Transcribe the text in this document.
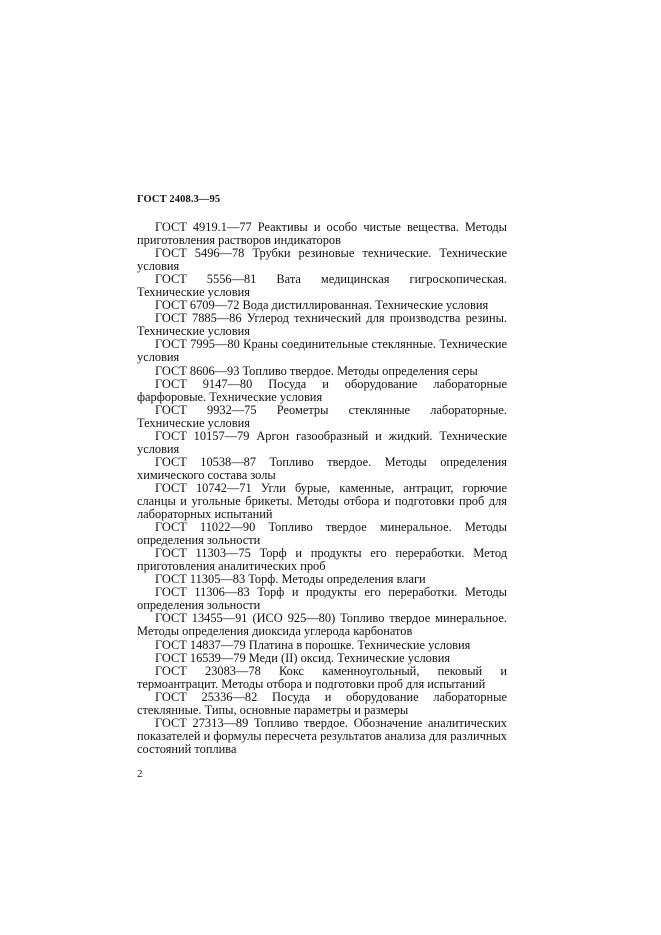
ГОСТ 2408.3—95

ГОСТ 4919.1—77 Реактивы и особо чистые вещества. Методы приготовления растворов индикаторов

ГОСТ 5496—78 Трубки резиновые технические. Технические условия

ГОСТ 5556—81 Вата медицинская гигроскопическая. Технические условия

ГОСТ 6709—72 Вода дистиллированная. Технические условия

ГОСТ 7885—86 Углерод технический для производства резины. Технические условия

ГОСТ 7995—80 Краны соединительные стеклянные. Технические условия

ГОСТ 8606—93 Топливо твердое. Методы определения серы

ГОСТ 9147—80 Посуда и оборудование лабораторные фарфоровые. Технические условия

ГОСТ 9932—75 Реометры стеклянные лабораторные. Технические условия

ГОСТ 10157—79 Аргон газообразный и жидкий. Технические условия

ГОСТ 10538—87 Топливо твердое. Методы определения химического состава золы

ГОСТ 10742—71 Угли бурые, каменные, антрацит, горючие сланцы и угольные брикеты. Методы отбора и подготовки проб для лабораторных испытаний

ГОСТ 11022—90 Топливо твердое минеральное. Методы определения зольности

ГОСТ 11303—75 Торф и продукты его переработки. Метод приготовления аналитических проб

ГОСТ 11305—83 Торф. Методы определения влаги

ГОСТ 11306—83 Торф и продукты его переработки. Методы определения зольности

ГОСТ 13455—91 (ИСО 925—80) Топливо твердое минеральное. Методы определения диоксида углерода карбонатов

ГОСТ 14837—79 Платина в порошке. Технические условия

ГОСТ 16539—79 Меди (II) оксид. Технические условия

ГОСТ 23083—78 Кокс каменноугольный, пековый и термоантрацит. Методы отбора и подготовки проб для испытаний

ГОСТ 25336—82 Посуда и оборудование лабораторные стеклянные. Типы, основные параметры и размеры

ГОСТ 27313—89 Топливо твердое. Обозначение аналитических показателей и формулы пересчета результатов анализа для различных состояний топлива

2
